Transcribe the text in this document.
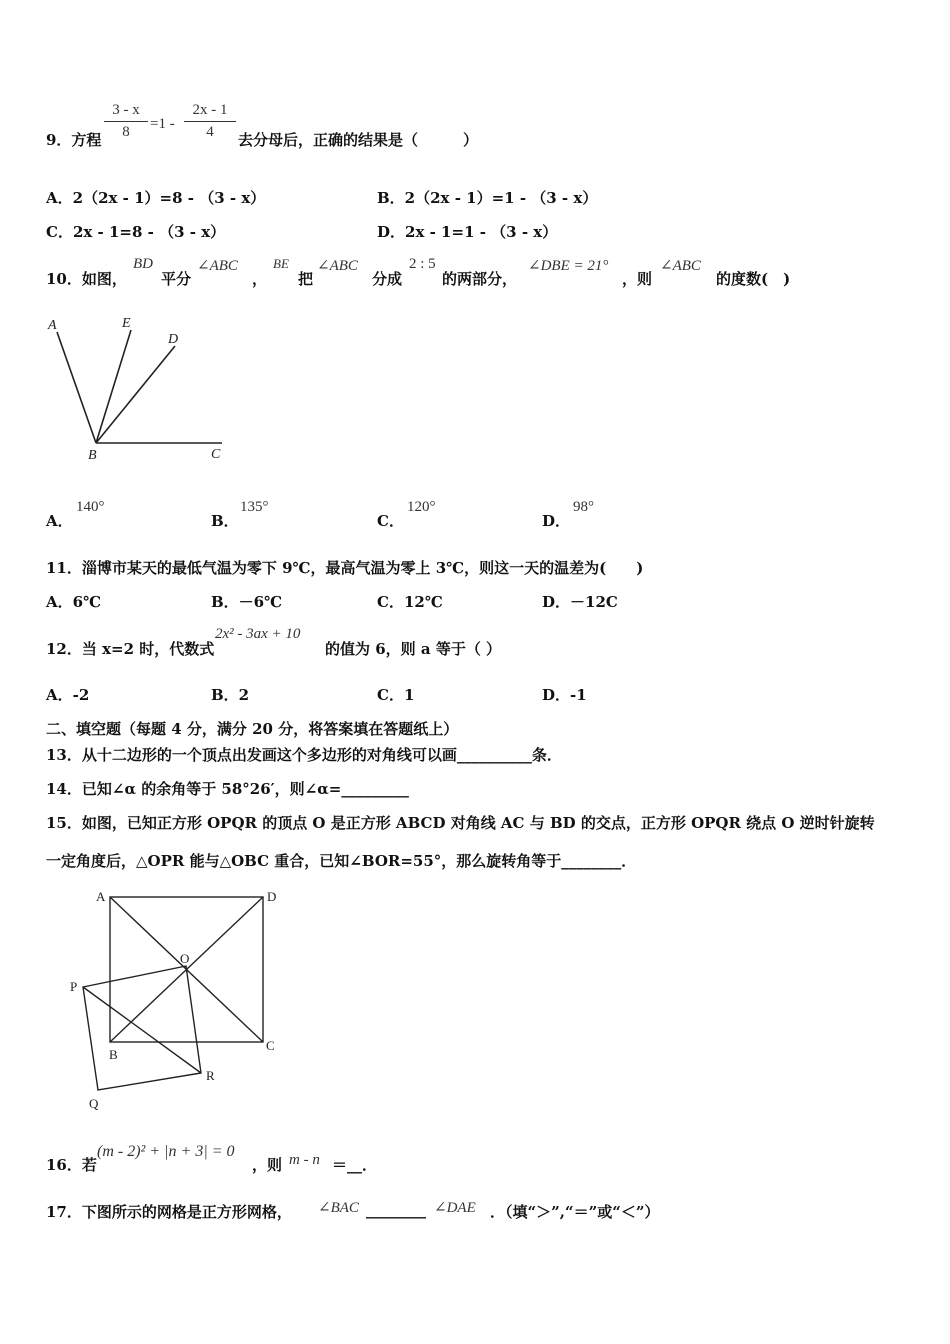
9．方程
3 - x
8	=1 -
2x - 1
4	去分母后，正确的结果是（　　　）
A．2（2x - 1）=8 - （3 - x）	B．2（2x - 1）=1 - （3 - x）
C．2x - 1=8 - （3 - x）	D．2x - 1=1 - （3 - x）
10．如图，
BD
平分
∠ABC
，
BE
把
∠ABC
分成
2 : 5
的两部分，
∠DBE = 21°
，则
∠ABC
的度数(　)
A	E
D
B	C
A．
140°
B．
135°
C．
120°
D．
98°
11．淄博市某天的最低气温为零下 9℃，最高气温为零上 3℃，则这一天的温差为(　　)
A．6℃	B．－6℃	C．12℃	D．－12C
12．当 x=2 时，代数式
2x² - 3ax + 10
的值为 6，则 a 等于（ ）
A．-2	B．2	C．1	D．-1
二、填空题（每题 4 分，满分 20 分，将答案填在答题纸上）
13．从十二边形的一个顶点出发画这个多边形的对角线可以画__________条．
14．已知∠α 的余角等于 58°26′，则∠α=_________
15．如图，已知正方形 OPQR 的顶点 O 是正方形 ABCD 对角线 AC 与 BD 的交点，正方形 OPQR 绕点 O 逆时针旋转
一定角度后，△OPR 能与△OBC 重合，已知∠BOR=55°，那么旋转角等于________．
A	D
O
P
B
C
R
Q
16．若
(m - 2)² + |n + 3| = 0
，则 m - n ＝__．
17．下图所示的网格是正方形网格， ∠BAC ________ ∠DAE ．（填“＞”,“＝”或“＜”）
